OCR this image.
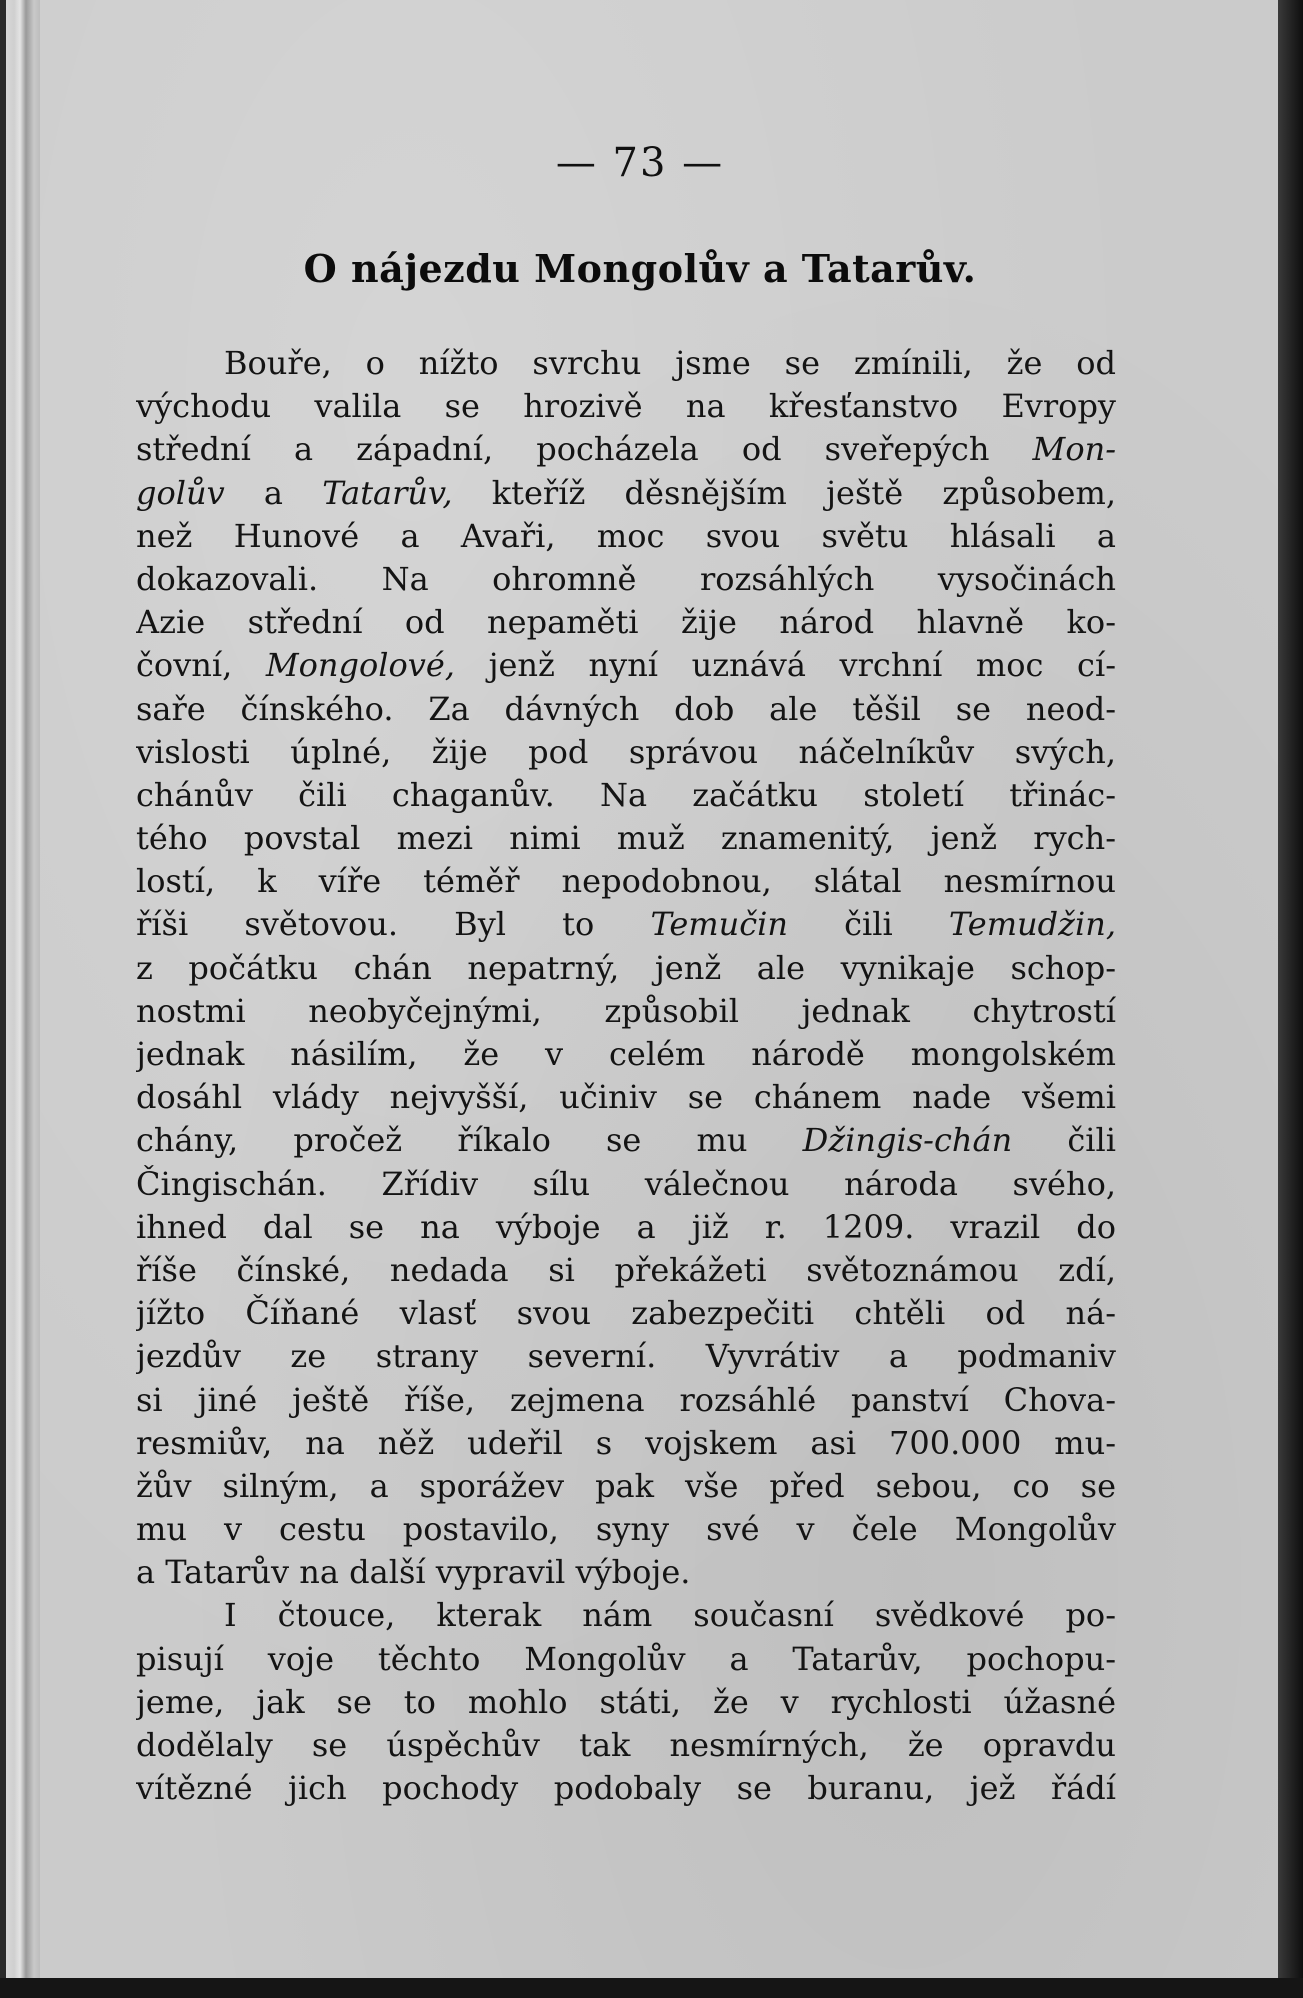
— 73 —
O nájezdu Mongolův a Tatarův.
Bouře, o nížto svrchu jsme se zmínili, že od
východu valila se hrozivě na křesťanstvo Evropy
střední a západní, pocházela od sveřepých Mon-
golův a Tatarův, kteříž děsnějším ještě způsobem,
než Hunové a Avaři, moc svou světu hlásali a
dokazovali. Na ohromně rozsáhlých vysočinách
Azie střední od nepaměti žije národ hlavně ko-
čovní, Mongolové, jenž nyní uznává vrchní moc cí-
saře čínského. Za dávných dob ale těšil se neod-
vislosti úplné, žije pod správou náčelníkův svých,
chánův čili chaganův. Na začátku století třinác-
tého povstal mezi nimi muž znamenitý, jenž rych-
lostí, k víře téměř nepodobnou, slátal nesmírnou
říši světovou. Byl to Temučin čili Temudžin,
z počátku chán nepatrný, jenž ale vynikaje schop-
nostmi neobyčejnými, způsobil jednak chytrostí
jednak násilím, že v celém národě mongolském
dosáhl vlády nejvyšší, učiniv se chánem nade všemi
chány, pročež říkalo se mu Džingis-chán čili
Čingischán. Zřídiv sílu válečnou národa svého,
ihned dal se na výboje a již r. 1209. vrazil do
říše čínské, nedada si překážeti světoznámou zdí,
jížto Číňané vlasť svou zabezpečiti chtěli od ná-
jezdův ze strany severní. Vyvrátiv a podmaniv
si jiné ještě říše, zejmena rozsáhlé panství Chova-
resmiův, na něž udeřil s vojskem asi 700.000 mu-
žův silným, a sporážev pak vše před sebou, co se
mu v cestu postavilo, syny své v čele Mongolův
a Tatarův na další vypravil výboje.
I čtouce, kterak nám současní svědkové po-
pisují voje těchto Mongolův a Tatarův, pochopu-
jeme, jak se to mohlo státi, že v rychlosti úžasné
dodělaly se úspěchův tak nesmírných, že opravdu
vítězné jich pochody podobaly se buranu, jež řádí
